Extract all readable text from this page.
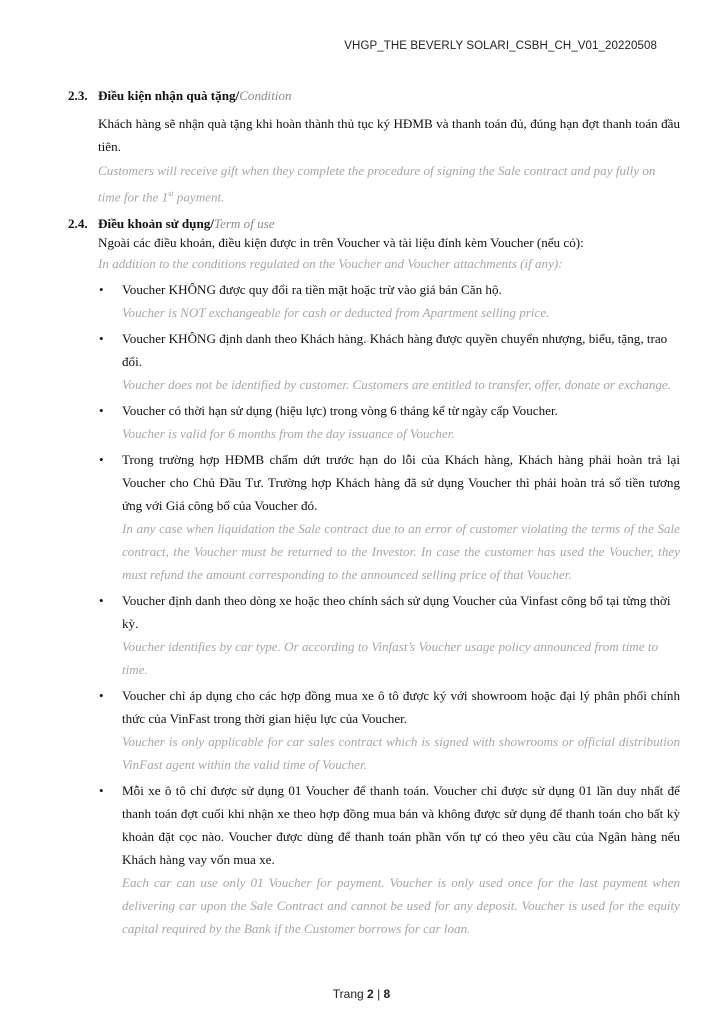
VHGP_THE BEVERLY SOLARI_CSBH_CH_V01_20220508
2.3. Điều kiện nhận quà tặng/Condition
Khách hàng sẽ nhận quà tặng khi hoàn thành thủ tục ký HĐMB và thanh toán đủ, đúng hạn đợt thanh toán đầu tiên.
Customers will receive gift when they complete the procedure of signing the Sale contract and pay fully on time for the 1st payment.
2.4. Điều khoản sử dụng/Term of use
Ngoài các điều khoản, điều kiện được in trên Voucher và tài liệu đính kèm Voucher (nếu có):
In addition to the conditions regulated on the Voucher and Voucher attachments (if any):
• Voucher KHÔNG được quy đổi ra tiền mặt hoặc trừ vào giá bán Căn hộ.
Voucher is NOT exchangeable for cash or deducted from Apartment selling price.
• Voucher KHÔNG định danh theo Khách hàng. Khách hàng được quyền chuyển nhượng, biếu, tặng, trao đổi.
Voucher does not be identified by customer. Customers are entitled to transfer, offer, donate or exchange.
• Voucher có thời hạn sử dụng (hiệu lực) trong vòng 6 tháng kể từ ngày cấp Voucher.
Voucher is valid for 6 months from the day issuance of Voucher.
• Trong trường hợp HĐMB chấm dứt trước hạn do lỗi của Khách hàng, Khách hàng phải hoàn trả lại Voucher cho Chủ Đầu Tư. Trường hợp Khách hàng đã sử dụng Voucher thì phải hoàn trả số tiền tương ứng với Giá công bố của Voucher đó.
In any case when liquidation the Sale contract due to an error of customer violating the terms of the Sale contract, the Voucher must be returned to the Investor. In case the customer has used the Voucher, they must refund the amount corresponding to the announced selling price of that Voucher.
• Voucher định danh theo dòng xe hoặc theo chính sách sử dụng Voucher của Vinfast công bố tại từng thời kỳ.
Voucher identifies by car type. Or according to Vinfast’s Voucher usage policy announced from time to time.
• Voucher chỉ áp dụng cho các hợp đồng mua xe ô tô được ký với showroom hoặc đại lý phân phối chính thức của VinFast trong thời gian hiệu lực của Voucher.
Voucher is only applicable for car sales contract which is signed with showrooms or official distribution VinFast agent within the valid time of Voucher.
• Mỗi xe ô tô chỉ được sử dụng 01 Voucher để thanh toán. Voucher chỉ được sử dụng 01 lần duy nhất để thanh toán đợt cuối khi nhận xe theo hợp đồng mua bán và không được sử dụng để thanh toán cho bất kỳ khoản đặt cọc nào. Voucher được dùng để thanh toán phần vốn tự có theo yêu cầu của Ngân hàng nếu Khách hàng vay vốn mua xe.
Each car can use only 01 Voucher for payment. Voucher is only used once for the last payment when delivering car upon the Sale Contract and cannot be used for any deposit. Voucher is used for the equity capital required by the Bank if the Customer borrows for car loan.
Trang 2 | 8
